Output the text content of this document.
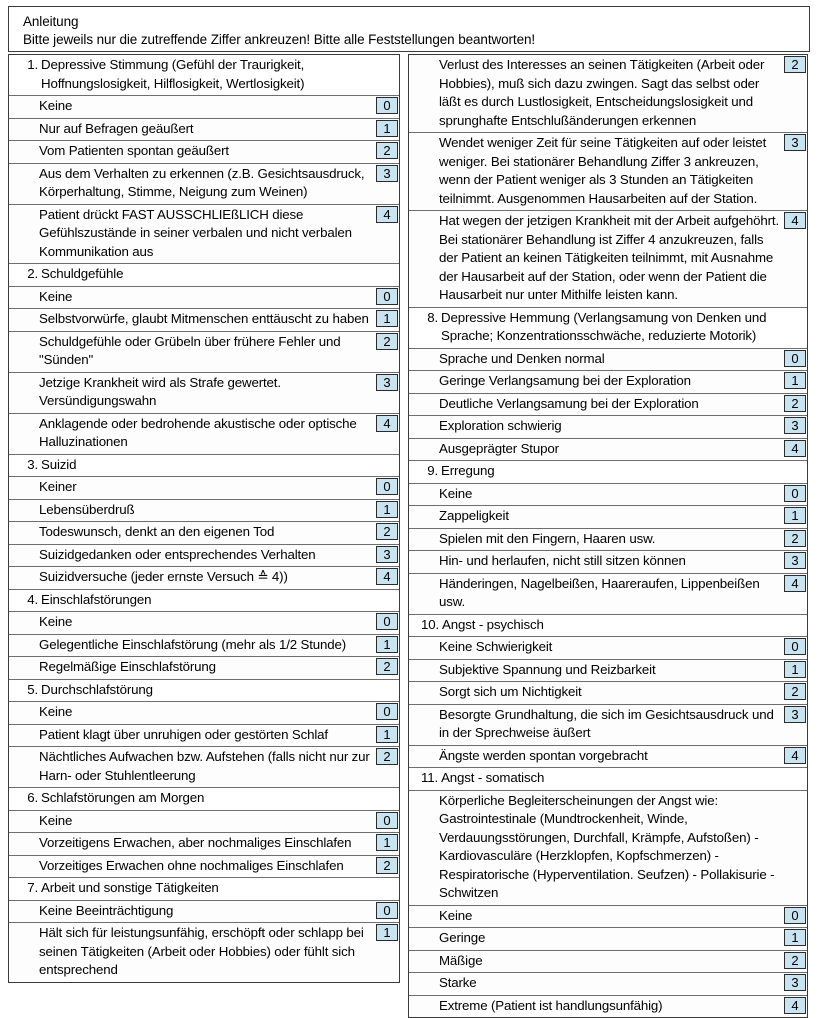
Anleitung
Bitte jeweils nur die zutreffende Ziffer ankreuzen! Bitte alle Feststellungen beantworten!
1. Depressive Stimmung (Gefühl der Traurigkeit, Hoffnungslosigkeit, Hilflosigkeit, Wertlosigkeit)
Keine	0
Nur auf Befragen geäußert	1
Vom Patienten spontan geäußert	2
Aus dem Verhalten zu erkennen (z.B. Gesichtsausdruck, Körperhaltung, Stimme, Neigung zum Weinen)
3
Patient drückt FAST AUSSCHLIEßLICH diese Gefühlszustände in seiner verbalen und nicht verbalen Kommunikation aus
4
2. Schuldgefühle
Keine	0
Selbstvorwürfe, glaubt Mitmenschen enttäuscht zu haben	1
Schuldgefühle oder Grübeln über frühere Fehler und "Sünden"
2
Jetzige Krankheit wird als Strafe gewertet. Versündigungswahn
3
Anklagende oder bedrohende akustische oder optische Halluzinationen
4
3. Suizid
Keiner	0
Lebensüberdruß	1
Todeswunsch, denkt an den eigenen Tod	2
Suizidgedanken oder entsprechendes Verhalten	3
Suizidversuche (jeder ernste Versuch ≙ 4))	4
4. Einschlafstörungen
Keine	0
Gelegentliche Einschlafstörung (mehr als 1/2 Stunde)	1
Regelmäßige Einschlafstörung	2
5. Durchschlafstörung
Keine	0
Patient klagt über unruhigen oder gestörten Schlaf	1
Nächtliches Aufwachen bzw. Aufstehen (falls nicht nur zur Harn- oder Stuhlentleerung
2
6. Schlafstörungen am Morgen
Keine	0
Vorzeitigens Erwachen, aber nochmaliges Einschlafen	1
Vorzeitiges Erwachen ohne nochmaliges Einschlafen	2
7. Arbeit und sonstige Tätigkeiten
Keine Beeinträchtigung	0
Hält sich für leistungsunfähig, erschöpft oder schlapp bei seinen Tätigkeiten (Arbeit oder Hobbies) oder fühlt sich entsprechend
1
Verlust des Interesses an seinen Tätigkeiten (Arbeit oder Hobbies), muß sich dazu zwingen. Sagt das selbst oder läßt es durch Lustlosigkeit, Entscheidungslosigkeit und sprunghafte Entschlußänderungen erkennen
2
Wendet weniger Zeit für seine Tätigkeiten auf oder leistet weniger. Bei stationärer Behandlung Ziffer 3 ankreuzen, wenn der Patient weniger als 3 Stunden an Tätigkeiten teilnimmt. Ausgenommen Hausarbeiten auf der Station.
3
Hat wegen der jetzigen Krankheit mit der Arbeit aufgehöhrt. Bei stationärer Behandlung ist Ziffer 4 anzukreuzen, falls der Patient an keinen Tätigkeiten teilnimmt, mit Ausnahme der Hausarbeit auf der Station, oder wenn der Patient die Hausarbeit nur unter Mithilfe leisten kann.
4
8. Depressive Hemmung (Verlangsamung von Denken und Sprache; Konzentrationsschwäche, reduzierte Motorik)
Sprache und Denken normal	0
Geringe Verlangsamung bei der Exploration	1
Deutliche Verlangsamung bei der Exploration	2
Exploration schwierig	3
Ausgeprägter Stupor	4
9. Erregung
Keine	0
Zappeligkeit	1
Spielen mit den Fingern, Haaren usw.	2
Hin- und herlaufen, nicht still sitzen können	3
Händeringen, Nagelbeißen, Haareraufen, Lippenbeißen usw.
4
10. Angst - psychisch
Keine Schwierigkeit	0
Subjektive Spannung und Reizbarkeit	1
Sorgt sich um Nichtigkeit	2
Besorgte Grundhaltung, die sich im Gesichtsausdruck und in der Sprechweise äußert
3
Ängste werden spontan vorgebracht	4
11. Angst - somatisch
Körperliche Begleiterscheinungen der Angst wie: Gastrointestinale (Mundtrockenheit, Winde, Verdauungsstörungen, Durchfall, Krämpfe, Aufstoßen) - Kardiovasculäre (Herzklopfen, Kopfschmerzen) - Respiratorische (Hyperventilation. Seufzen) - Pollakisurie - Schwitzen
Keine	0
Geringe	1
Mäßige	2
Starke	3
Extreme (Patient ist handlungsunfähig)	4
